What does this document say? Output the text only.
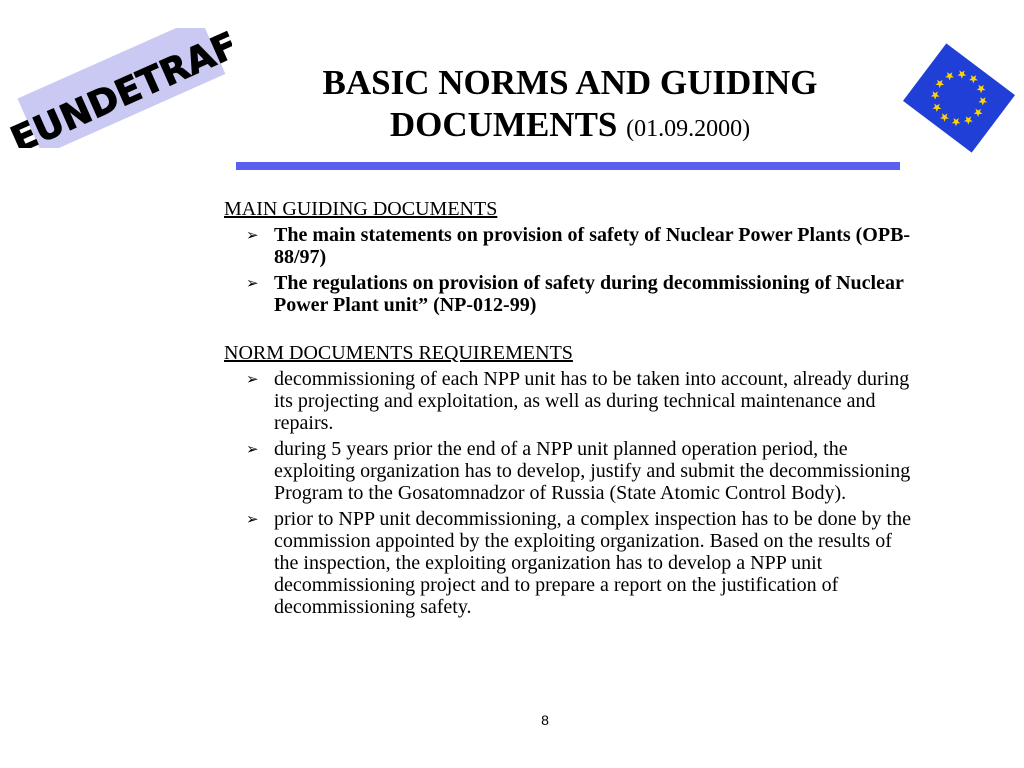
EUNDETRAF	BASIC NORMS AND GUIDING DOCUMENTS (01.09.2000)

MAIN GUIDING DOCUMENTS

➢ The main statements on provision of safety of Nuclear Power Plants (OPB-88/97)
➢ The regulations on provision of safety during decommissioning of Nuclear Power Plant unit” (NP-012-99)

NORM DOCUMENTS REQUIREMENTS

➢ decommissioning of each NPP unit has to be taken into account, already during its projecting and exploitation, as well as during technical maintenance and repairs.
➢ during 5 years prior the end of a NPP unit planned operation period, the exploiting organization has to develop, justify and submit the decommissioning Program to the Gosatomnadzor of Russia (State Atomic Control Body).
➢ prior to NPP unit decommissioning, a complex inspection has to be done by the commission appointed by the exploiting organization. Based on the results of the inspection, the exploiting organization has to develop a NPP unit decommissioning project and to prepare a report on the justification of decommissioning safety.
8
